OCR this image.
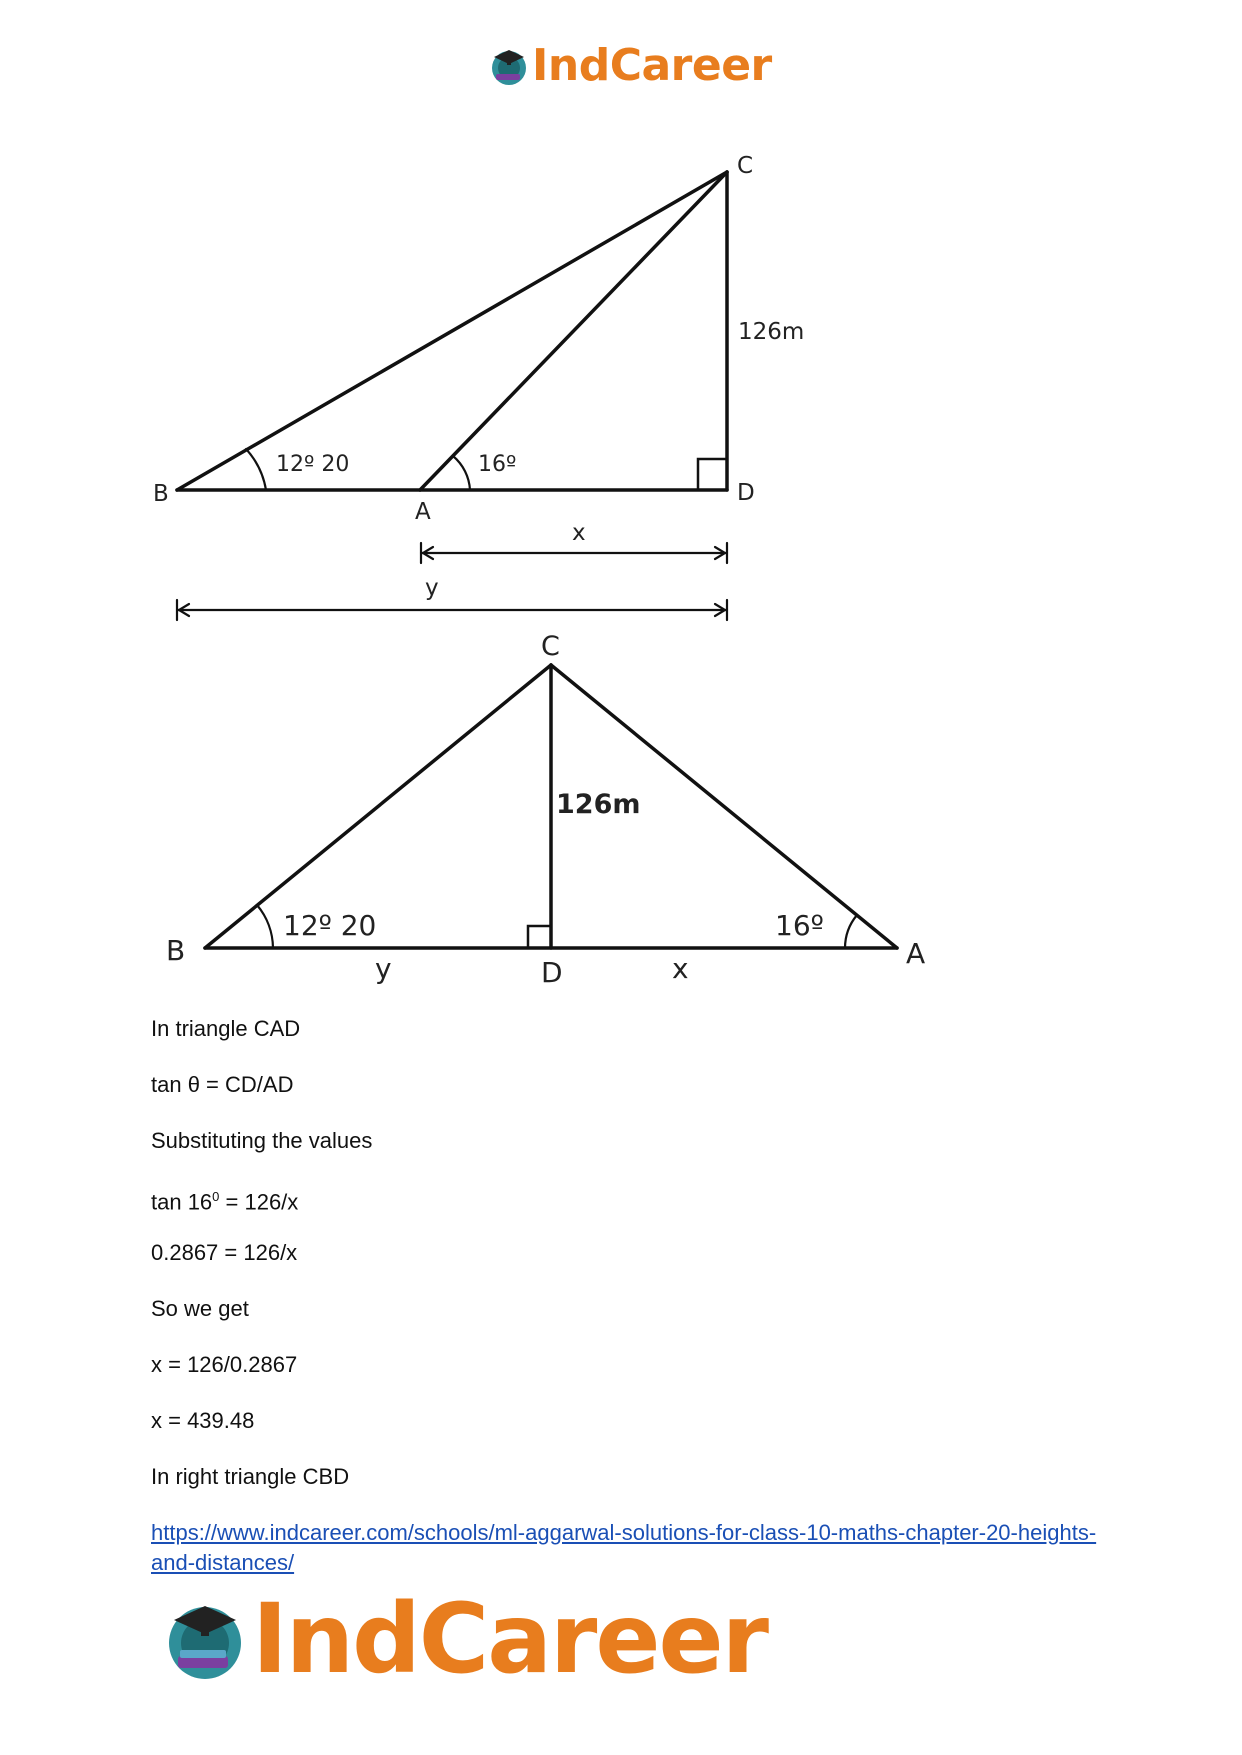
IndCareer
C
126m
12º 20	16º
B	D
A
x
y
C
126m
12º 20	16º
B	A
y	D	x

In triangle CAD

tan θ = CD/AD

Substituting the values

$\tan 16^0 = 126/x$

0.2867 = 126/x

So we get

x = 126/0.2867

x = 439.48

In right triangle CBD

https://www.indcareer.com/schools/ml-aggarwal-solutions-for-class-10-maths-chapter-20-heights-and-distances/
IndCareer
